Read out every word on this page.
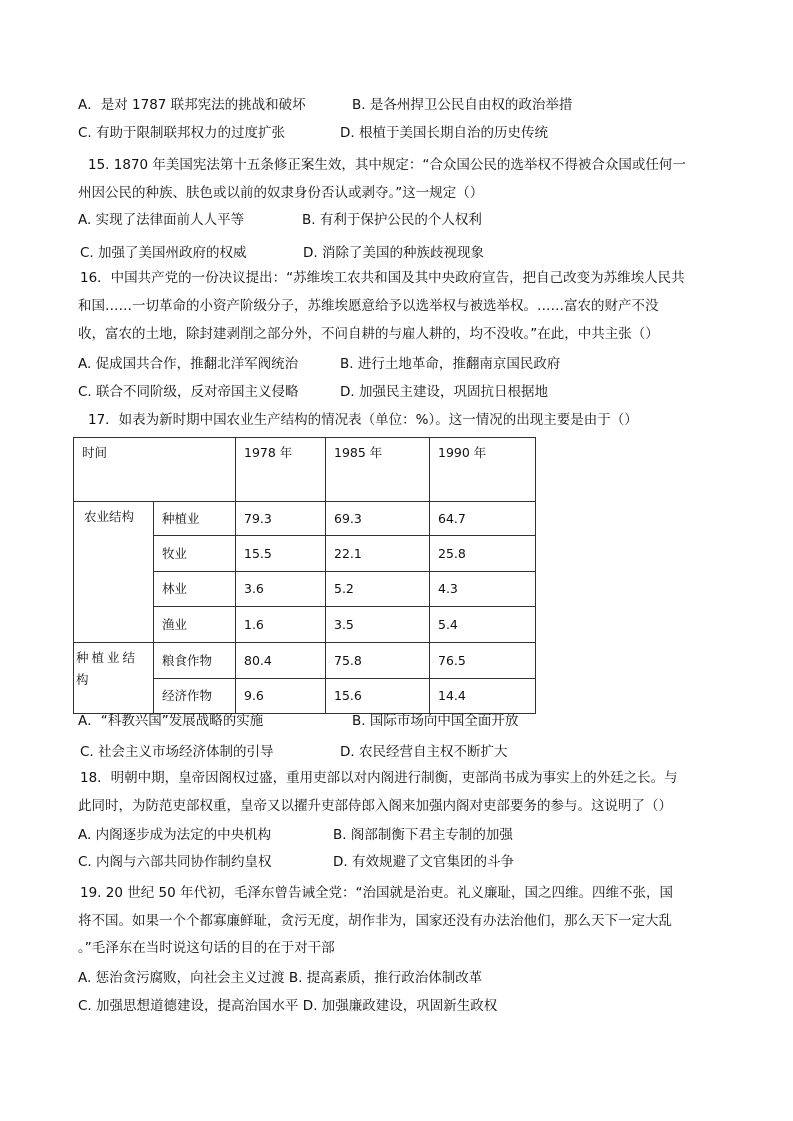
A．是对 1787 联邦宪法的挑战和破坏	B. 是各州捍卫公民自由权的政治举措
C. 有助于限制联邦权力的过度扩张	D. 根植于美国长期自治的历史传统
15. 1870 年美国宪法第十五条修正案生效，其中规定：“合众国公民的选举权不得被合众国或任何一
州因公民的种族、肤色或以前的奴隶身份否认或剥夺。”这一规定（）
A. 实现了法律面前人人平等	B. 有利于保护公民的个人权利
C. 加强了美国州政府的权威	D. 消除了美国的种族歧视现象
16．中国共产党的一份决议提出：“苏维埃工农共和国及其中央政府宣告，把自己改变为苏维埃人民共
和国……一切革命的小资产阶级分子，苏维埃愿意给予以选举权与被选举权。……富农的财产不没
收，富农的土地，除封建剥削之部分外，不问自耕的与雇人耕的，均不没收。”在此，中共主张（）
A. 促成国共合作，推翻北洋军阀统治	B. 进行土地革命，推翻南京国民政府
C. 联合不同阶级，反对帝国主义侵略	D. 加强民主建设，巩固抗日根据地
17．如表为新时期中国农业生产结构的情况表（单位：%）。这一情况的出现主要是由于（）
时间		1978 年	1985 年	1990 年

农业结构	种植业	79.3	69.3	64.7

	牧业	15.5	22.1	25.8

	林业	3.6	5.2	4.3

	渔业	1.6	3.5	5.4

种植业结构	粮食作物	80.4	75.8	76.5

	经济作物	9.6	15.6	14.4
A．“科教兴国”发展战略的实施	B. 国际市场向中国全面开放
C. 社会主义市场经济体制的引导	D. 农民经营自主权不断扩大
18．明朝中期，皇帝因阁权过盛，重用吏部以对内阁进行制衡，吏部尚书成为事实上的外廷之长。与
此同时，为防范吏部权重，皇帝又以擢升吏部侍郎入阁来加强内阁对吏部要务的参与。这说明了（）
A. 内阁逐步成为法定的中央机构	B. 阁部制衡下君主专制的加强
C. 内阁与六部共同协作制约皇权	D. 有效规避了文官集团的斗争
19. 20 世纪 50 年代初，毛泽东曾告诫全党：“治国就是治吏。礼义廉耻，国之四维。四维不张，国
将不国。如果一个个都寡廉鲜耻，贪污无度，胡作非为，国家还没有办法治他们，那么天下一定大乱
。”毛泽东在当时说这句话的目的在于对干部
A. 惩治贪污腐败，向社会主义过渡 B. 提高素质，推行政治体制改革
C. 加强思想道德建设，提高治国水平 D. 加强廉政建设，巩固新生政权
